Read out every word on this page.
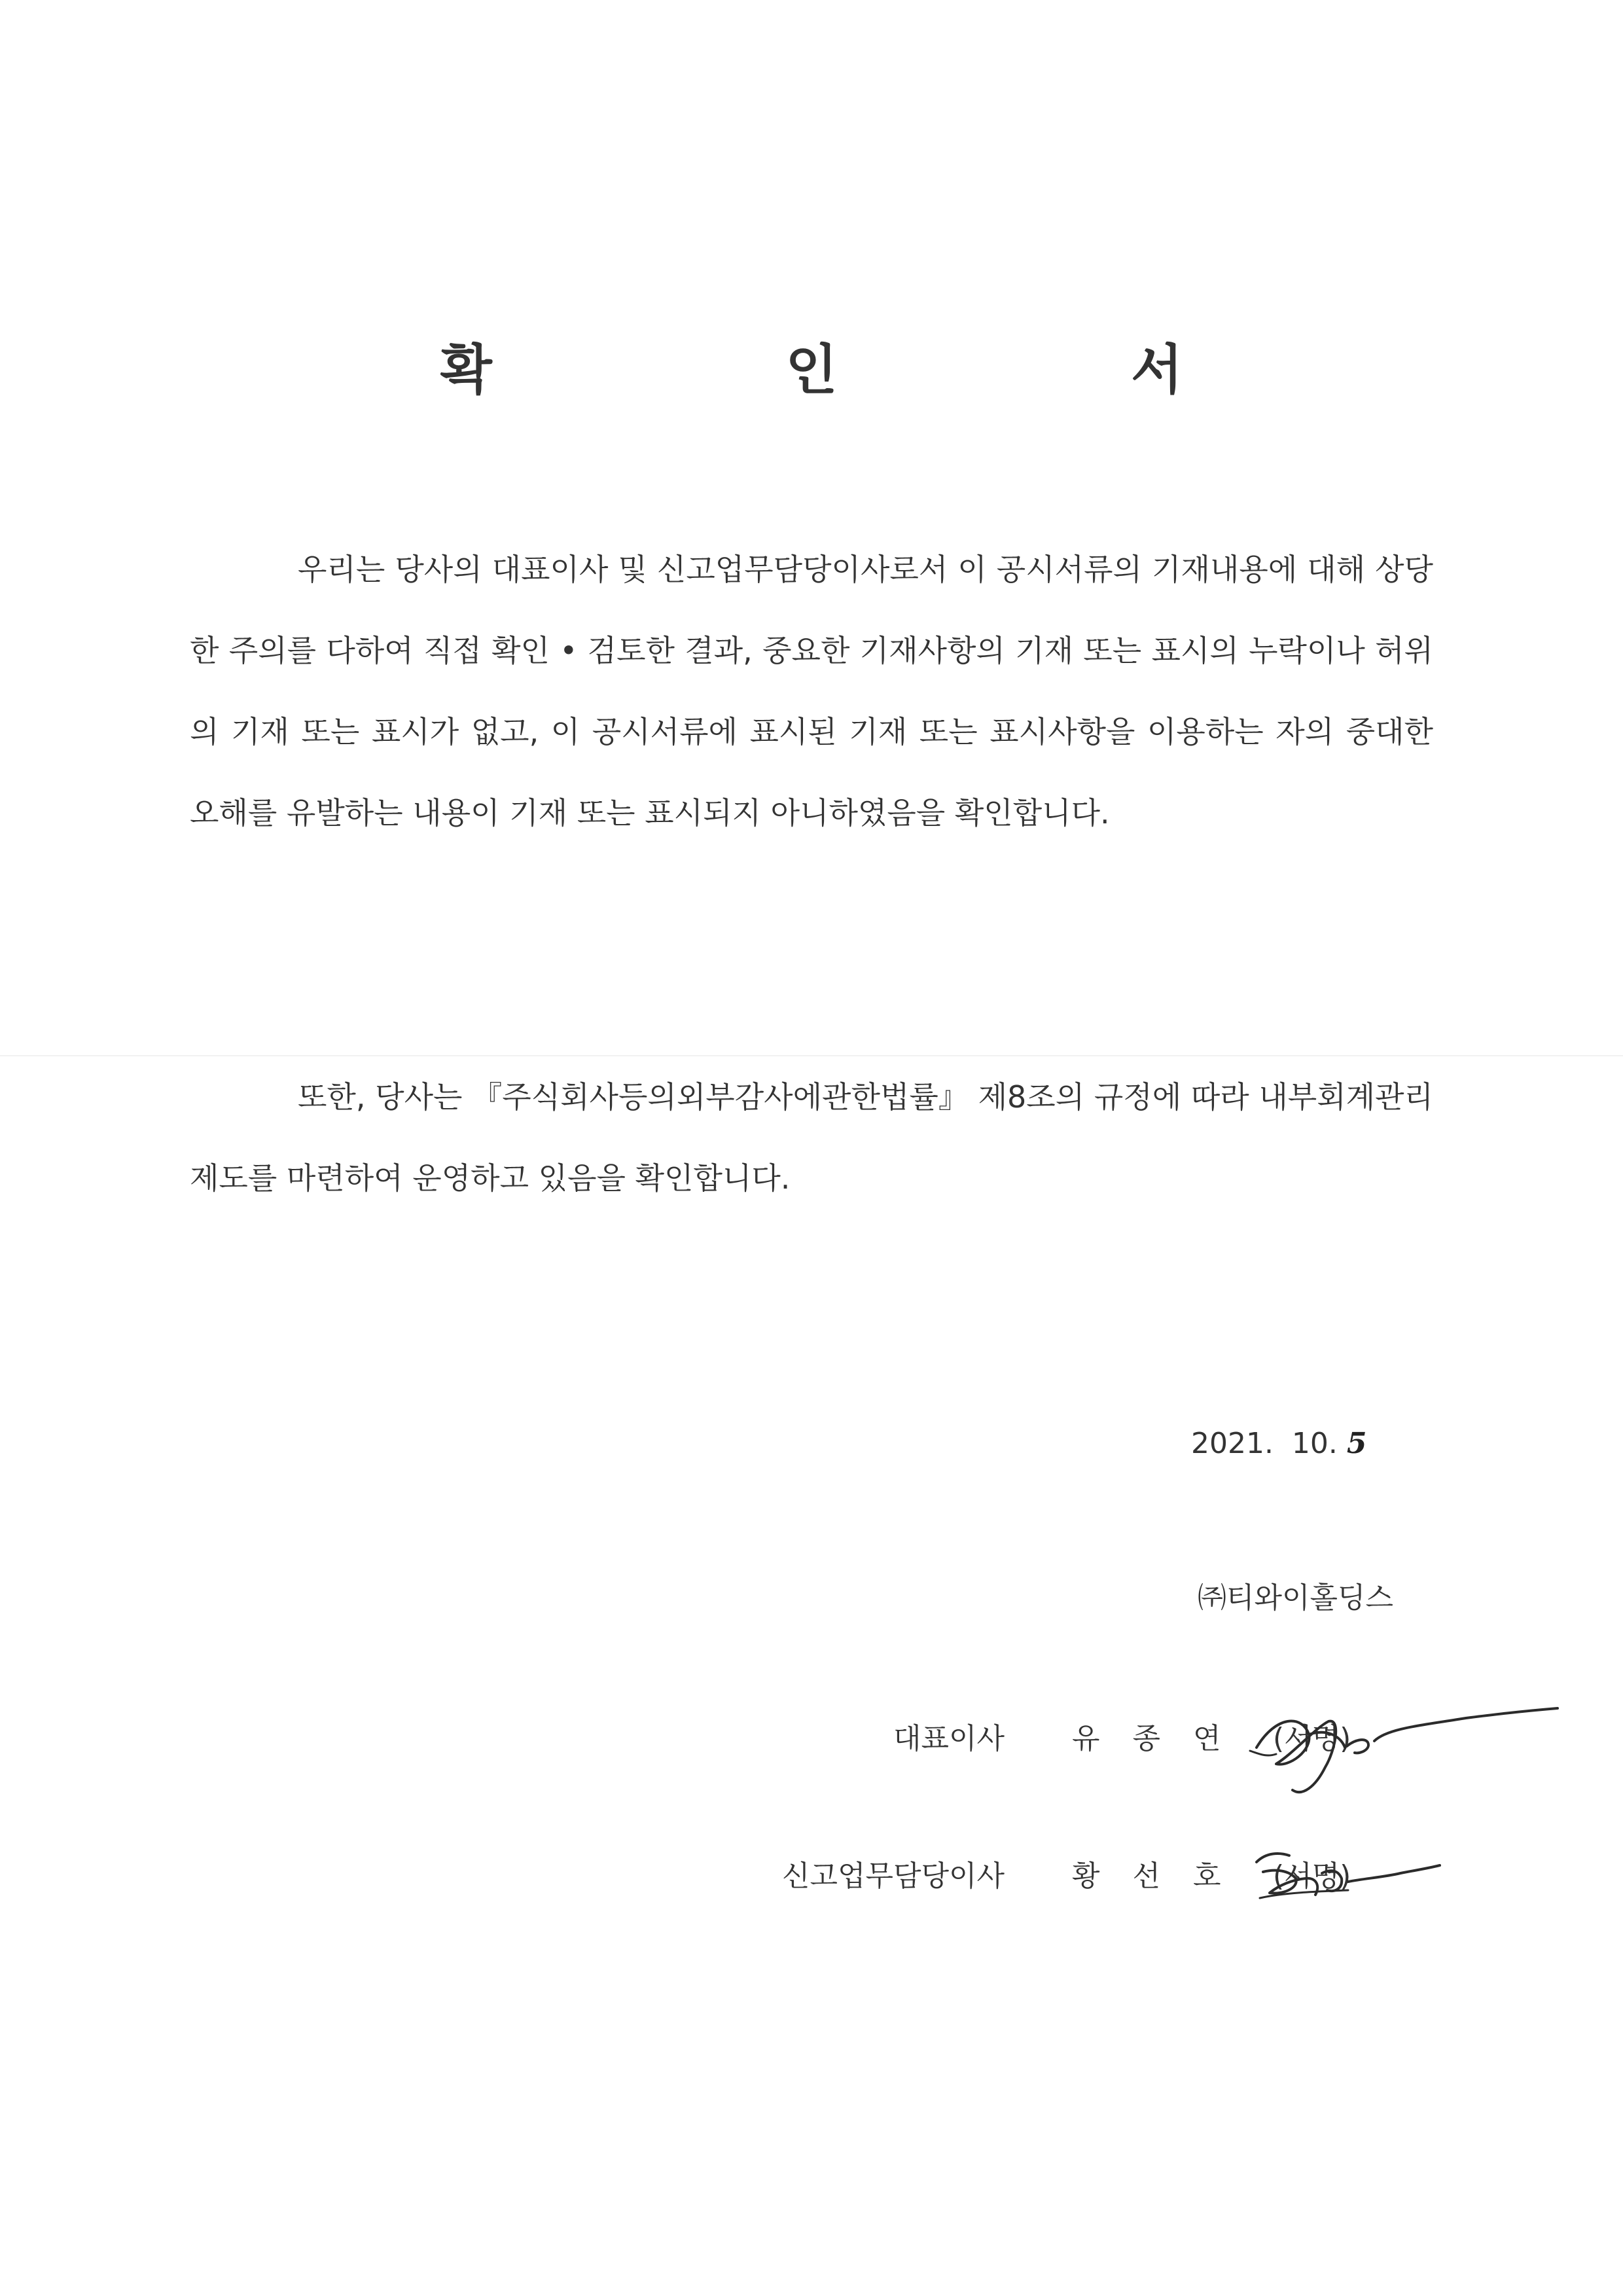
확 인 서
우리는 당사의 대표이사 및 신고업무담당이사로서 이 공시서류의 기재내용에 대해 상당한 주의를 다하여 직접 확인 • 검토한 결과, 중요한 기재사항의 기재 또는 표시의 누락이나 허위의 기재 또는 표시가 없고, 이 공시서류에 표시된 기재 또는 표시사항을 이용하는 자의 중대한 오해를 유발하는 내용이 기재 또는 표시되지 아니하였음을 확인합니다.
또한, 당사는 『주식회사등의외부감사에관한법률』 제8조의 규정에 따라 내부회계관리 제도를 마련하여 운영하고 있음을 확인합니다.
2021.  10. 5
㈜티와이홀딩스
대표이사 유 종 연 (서명)
신고업무담당이사 황 선 호 (서명)
